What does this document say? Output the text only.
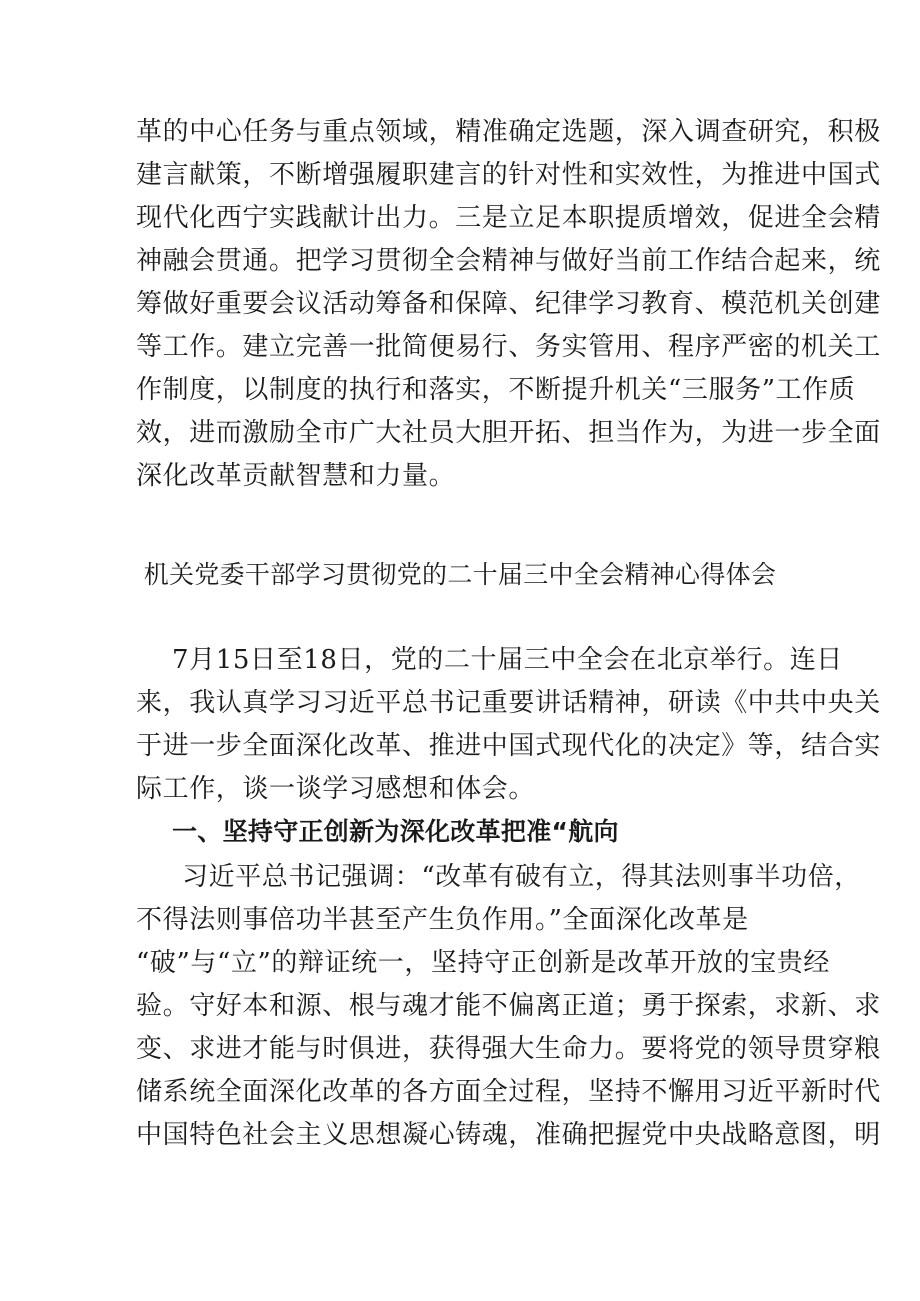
革的中心任务与重点领域，精准确定选题，深入调查研究，积极
建言献策，不断增强履职建言的针对性和实效性，为推进中国式
现代化西宁实践献计出力。三是立足本职提质增效，促进全会精
神融会贯通。把学习贯彻全会精神与做好当前工作结合起来，统
筹做好重要会议活动筹备和保障、纪律学习教育、模范机关创建
等工作。建立完善一批简便易行、务实管用、程序严密的机关工
作制度，以制度的执行和落实，不断提升机关“三服务”工作质
效，进而激励全市广大社员大胆开拓、担当作为，为进一步全面
深化改革贡献智慧和力量。
机关党委干部学习贯彻党的二十届三中全会精神心得体会
7月15日至18日，党的二十届三中全会在北京举行。连日
来，我认真学习习近平总书记重要讲话精神，研读《中共中央关
于进一步全面深化改革、推进中国式现代化的决定》等，结合实
际工作，谈一谈学习感想和体会。
一、坚持守正创新为深化改革把准“航向
习近平总书记强调：“改革有破有立，得其法则事半功倍，
不得法则事倍功半甚至产生负作用。”全面深化改革是
“破”与“立”的辩证统一，坚持守正创新是改革开放的宝贵经
验。守好本和源、根与魂才能不偏离正道；勇于探索，求新、求
变、求进才能与时俱进，获得强大生命力。要将党的领导贯穿粮
储系统全面深化改革的各方面全过程，坚持不懈用习近平新时代
中国特色社会主义思想凝心铸魂，准确把握党中央战略意图，明
